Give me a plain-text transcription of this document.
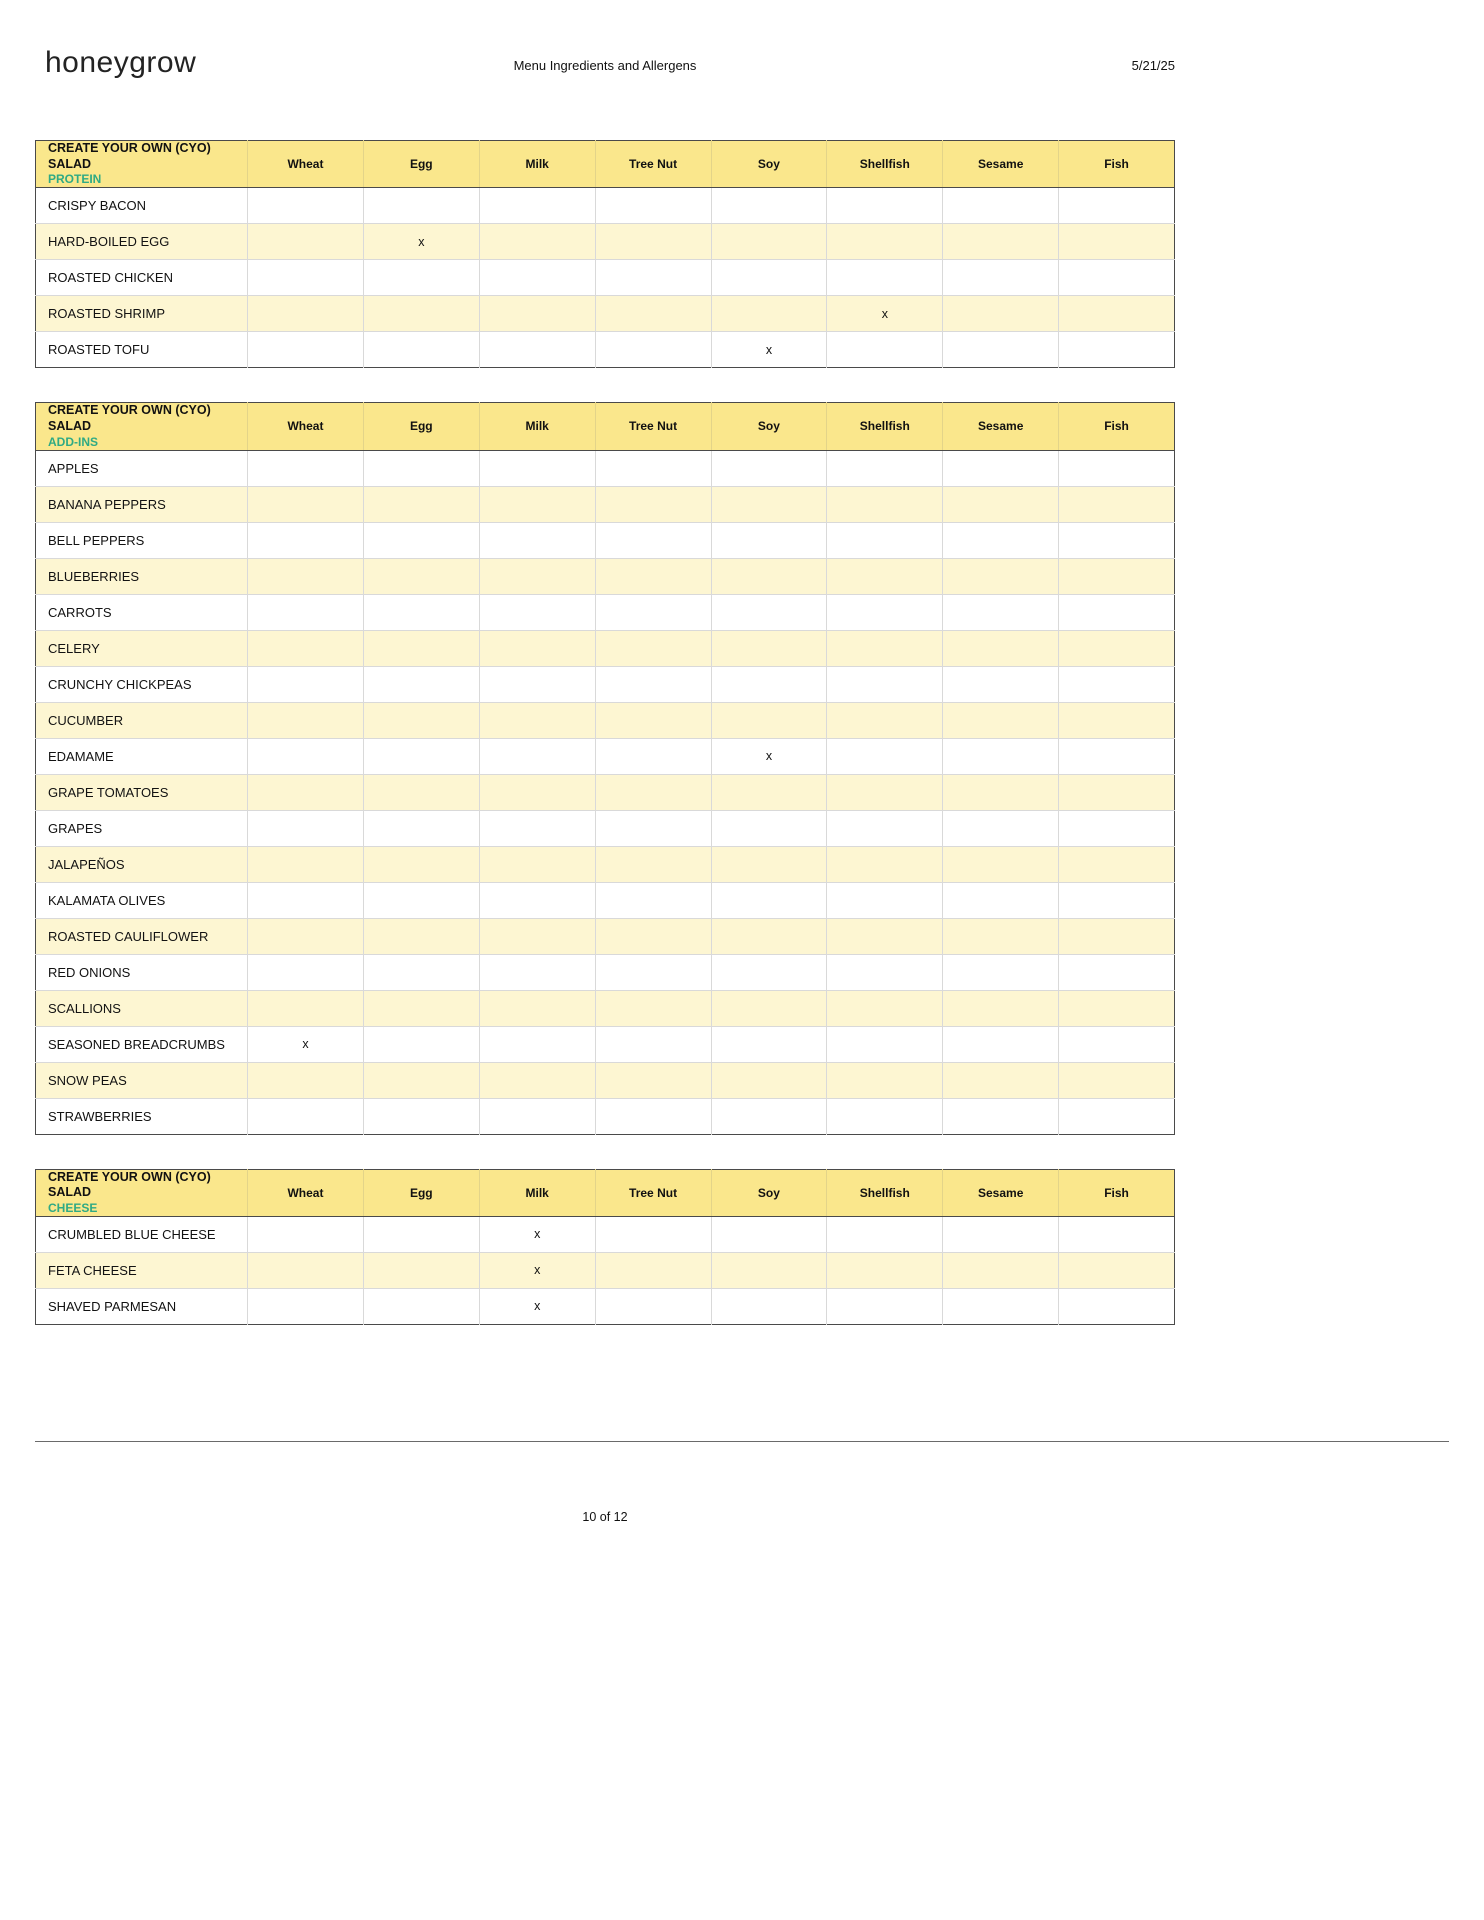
honeygrow	Menu Ingredients and Allergens	5/21/25
CREATE YOUR OWN (CYO) SALAD
PROTEIN	Wheat	Egg	Milk	Tree Nut	Soy	Shellfish	Sesame	Fish
CRISPY BACON								
HARD-BOILED EGG		x						
ROASTED CHICKEN								
ROASTED SHRIMP						x		
ROASTED TOFU					x			
CREATE YOUR OWN (CYO) SALAD
ADD-INS	Wheat	Egg	Milk	Tree Nut	Soy	Shellfish	Sesame	Fish
APPLES								
BANANA PEPPERS								
BELL PEPPERS								
BLUEBERRIES								
CARROTS								
CELERY								
CRUNCHY CHICKPEAS								
CUCUMBER								
EDAMAME					x			
GRAPE TOMATOES								
GRAPES								
JALAPEÑOS								
KALAMATA OLIVES								
ROASTED CAULIFLOWER								
RED ONIONS								
SCALLIONS								
SEASONED BREADCRUMBS	x							
SNOW PEAS								
STRAWBERRIES								
CREATE YOUR OWN (CYO) SALAD
CHEESE	Wheat	Egg	Milk	Tree Nut	Soy	Shellfish	Sesame	Fish
CRUMBLED BLUE CHEESE			x					
FETA CHEESE			x					
SHAVED PARMESAN			x					
10 of 12
